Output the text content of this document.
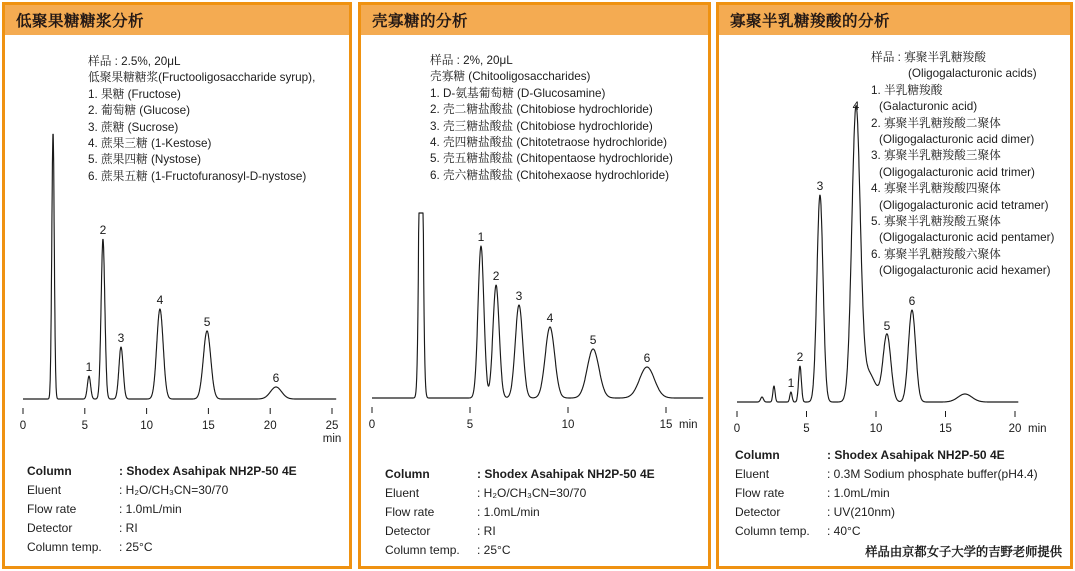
低聚果糖糖浆分析
0	5	10	15	20	25
min
1
2
3
4
5
6
样品 : 2.5%, 20μL
低聚果糖糖浆(Fructooligosaccharide syrup),
1. 果糖 (Fructose)
2. 葡萄糖 (Glucose)
3. 蔗糖 (Sucrose)
4. 蔗果三糖 (1-Kestose)
5. 蔗果四糖 (Nystose)
6. 蔗果五糖 (1-Fructofuranosyl-D-nystose)
Column	: Shodex Asahipak NH2P-50 4E
Eluent	: H₂O/CH₃CN=30/70
Flow rate	: 1.0mL/min
Detector	: RI
Column temp. : 25°C
壳寡糖的分析
0	5	10	15 min
1
2
3
4
5
6
样品 : 2%, 20μL
壳寡糖 (Chitooligosaccharides)
1. D-氨基葡萄糖 (D-Glucosamine)
2. 壳二糖盐酸盐 (Chitobiose hydrochloride)
3. 壳三糖盐酸盐 (Chitobiose hydrochloride)
4. 壳四糖盐酸盐 (Chitotetraose hydrochloride)
5. 壳五糖盐酸盐 (Chitopentaose hydrochloride)
6. 壳六糖盐酸盐 (Chitohexaose hydrochloride)
Column	: Shodex Asahipak NH2P-50 4E
Eluent	: H₂O/CH₃CN=30/70
Flow rate	: 1.0mL/min
Detector	: RI
Column temp. : 25°C
寡聚半乳糖羧酸的分析
0	5	10	15	20 min
1
2
3
4
5
6
样品 : 寡聚半乳糖羧酸
(Oligogalacturonic acids)
1. 半乳糖羧酸
(Galacturonic acid)
2. 寡聚半乳糖羧酸二聚体
(Oligogalacturonic acid dimer)
3. 寡聚半乳糖羧酸三聚体
(Oligogalacturonic acid trimer)
4. 寡聚半乳糖羧酸四聚体
(Oligogalacturonic acid tetramer)
5. 寡聚半乳糖羧酸五聚体
(Oligogalacturonic acid pentamer)
6. 寡聚半乳糖羧酸六聚体
(Oligogalacturonic acid hexamer)
Column	: Shodex Asahipak NH2P-50 4E
Eluent	: 0.3M Sodium phosphate buffer(pH4.4)
Flow rate	: 1.0mL/min
Detector	: UV(210nm)
Column temp. : 40°C
样品由京都女子大学的吉野老师提供
